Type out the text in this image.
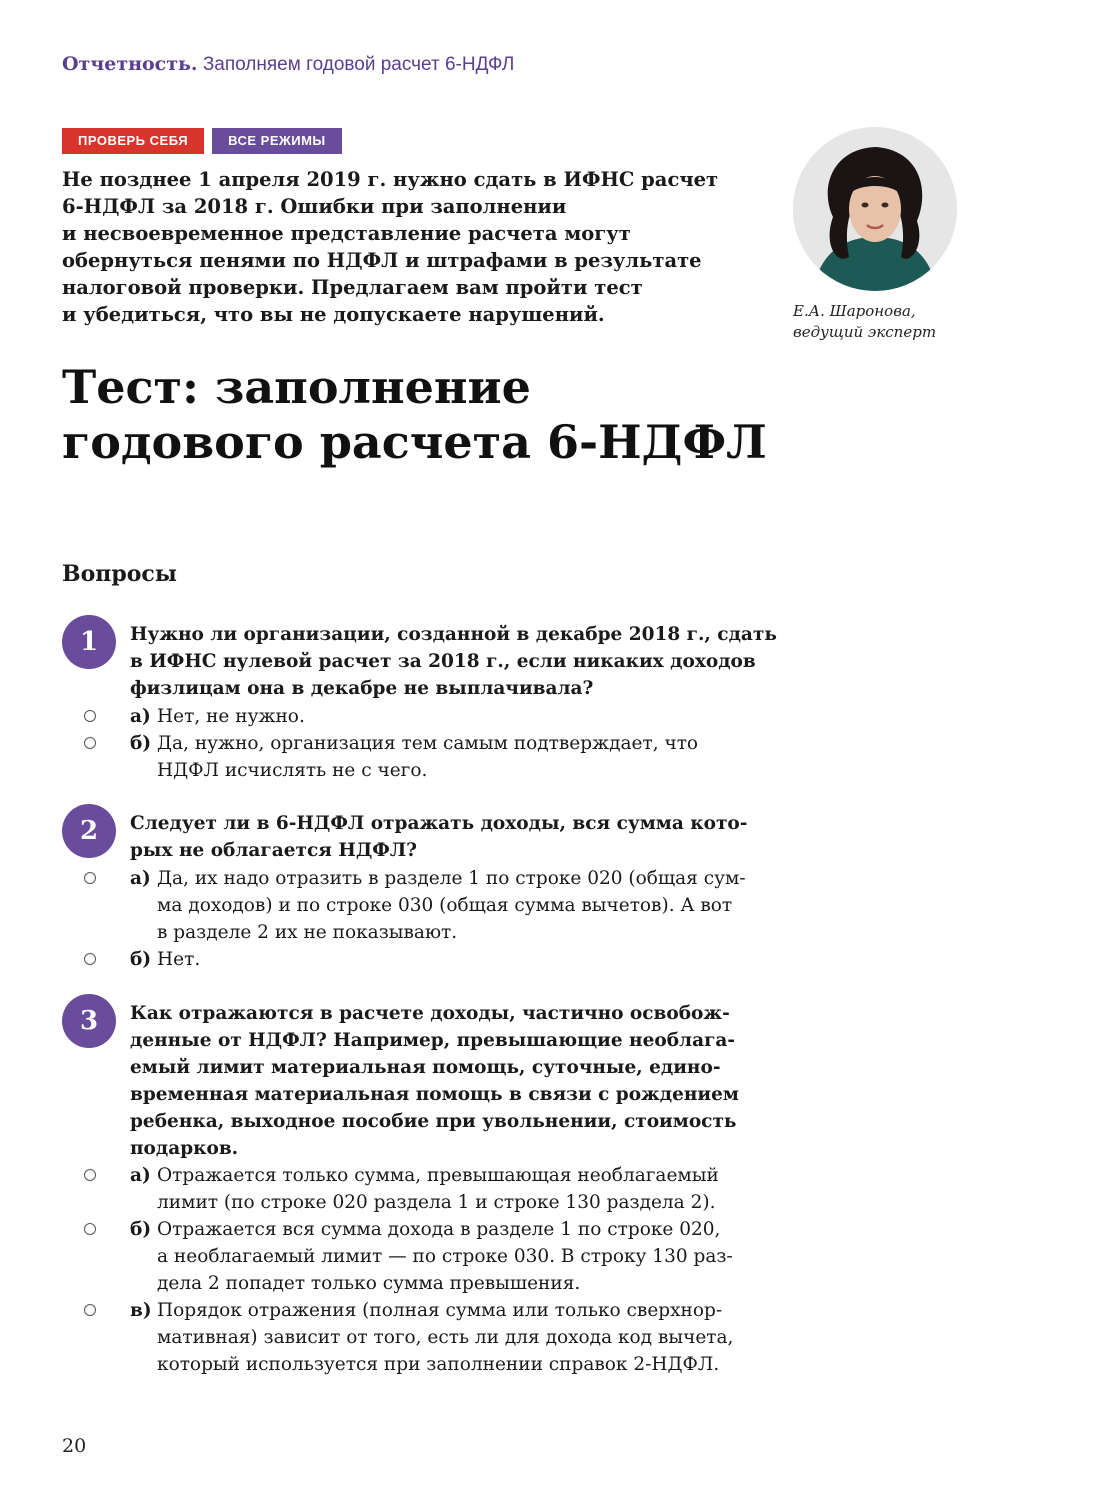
Отчетность. Заполняем годовой расчет 6-НДФЛ
ПРОВЕРЬ СЕБЯ	ВСЕ РЕЖИМЫ
Не позднее 1 апреля 2019 г. нужно сдать в ИФНС расчет
6-НДФЛ за 2018 г. Ошибки при заполнении
и несвоевременное представление расчета могут
обернуться пенями по НДФЛ и штрафами в результате
налоговой проверки. Предлагаем вам пройти тест
и убедиться, что вы не допускаете нарушений.	Е.А. Шаронова,
ведущий эксперт
Тест: заполнение
годового расчета 6-НДФЛ
Вопросы
1	Нужно ли организации, созданной в декабре 2018 г., сдать
в ИФНС нулевой расчет за 2018 г., если никаких доходов
физлицам она в декабре не выплачивала?
а) Нет, не нужно.
б) Да, нужно, организация тем самым подтверждает, что
НДФЛ исчислять не с чего.
2	Следует ли в 6-НДФЛ отражать доходы, вся сумма кото-
рых не облагается НДФЛ?
а) Да, их надо отразить в разделе 1 по строке 020 (общая сум-
ма доходов) и по строке 030 (общая сумма вычетов). А вот
в разделе 2 их не показывают.
б) Нет.
3	Как отражаются в расчете доходы, частично освобож-
денные от НДФЛ? Например, превышающие необлага-
емый лимит материальная помощь, суточные, едино-
временная материальная помощь в связи с рождением
ребенка, выходное пособие при увольнении, стоимость
подарков.
а) Отражается только сумма, превышающая необлагаемый
лимит (по строке 020 раздела 1 и строке 130 раздела 2).
б) Отражается вся сумма дохода в разделе 1 по строке 020,
а необлагаемый лимит — по строке 030. В строку 130 раз-
дела 2 попадет только сумма превышения.
в) Порядок отражения (полная сумма или только сверхнор-
мативная) зависит от того, есть ли для дохода код вычета,
который используется при заполнении справок 2-НДФЛ.
20
